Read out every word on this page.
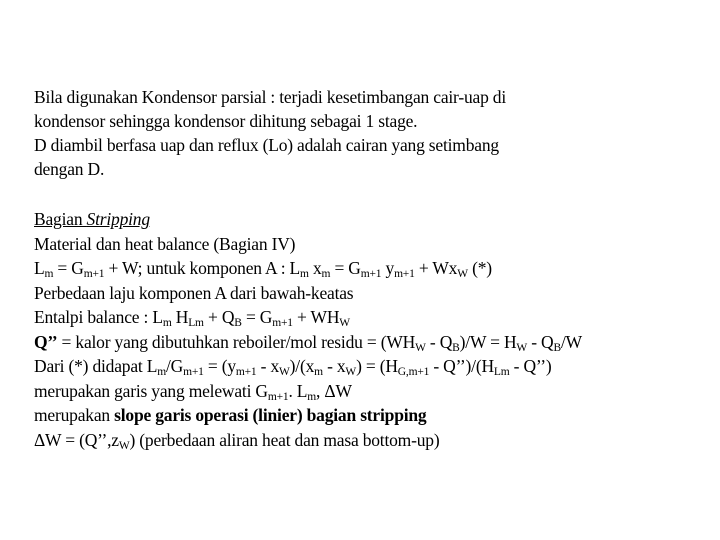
Bila digunakan Kondensor parsial : terjadi kesetimbangan cair-uap di
kondensor sehingga kondensor dihitung sebagai 1 stage.
D diambil berfasa uap dan reflux (Lo) adalah cairan yang setimbang
dengan D.
Bagian Stripping
Material dan heat balance (Bagian IV)
$L_m = G_{m+1} + W$; untuk komponen A : $L_m$ $x_m = G_{m+1}$ $y_{m+1} + Wx_W$ (*)
Perbedaan laju komponen A dari bawah-keatas
Entalpi balance : $L_m$ $H_{Lm} + Q_B = G_{m+1} + WH_W$
Q’’ = kalor yang dibutuhkan reboiler/mol residu = $(WH_W - Q_B)/W = H_W - Q_B/W$
Dari (*) didapat $L_m/G_{m+1} = (y_{m+1} - x_W)/(x_m - x_W) = (H_{G,m+1}$ - $Q’’)/(H_{Lm}$ - Q’’)
merupakan garis yang melewati $G_{m+1}$. $L_m$, ΔW
merupakan slope garis operasi (linier) bagian stripping
$\Delta W = (Q’’,z_W)$ (perbedaan aliran heat dan masa bottom-up)
